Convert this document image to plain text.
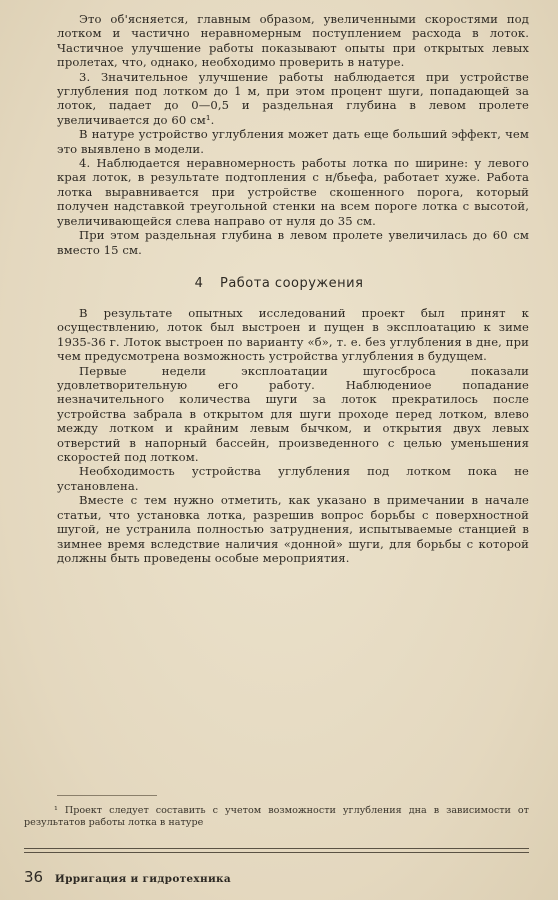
Это об'ясняется, главным образом, увеличенными скоростями под лотком и частично неравномерным поступлением расхода в лоток. Частичное улучшение работы показывают опыты при открытых левых пролетах, что, однако, необходимо проверить в натуре.

3. Значительное улучшение работы наблюдается при устройстве углубления под лотком до 1 м, при этом процент шуги, попадающей за лоток, падает до 0—0,5 и раздельная глубина в левом пролете увеличивается до 60 см¹.

В натуре устройство углубления может дать еще больший эффект, чем это выявлено в модели.

4. Наблюдается неравномерность работы лотка по ширине: у левого края лоток, в результате подтопления с н/бьефа, работает хуже. Работа лотка выравнивается при устройстве скошенного порога, который получен надставкой треугольной стенки на всем пороге лотка с высотой, увеличивающейся слева направо от нуля до 35 см.

При этом раздельная глубина в левом пролете увеличилась до 60 см вместо 15 см.

4 Работа сооружения

В результате опытных исследований проект был принят к осуществлению, лоток был выстроен и пущен в эксплоатацию к зиме 1935-36 г. Лоток выстроен по варианту «б», т. е. без углубления в дне, при чем предусмотрена возможность устройства углубления в будущем.

Первые недели эксплоатации шугосброса показали удовлетворительную его работу. Наблюдениое попадание незначительного количества шуги за лоток прекратилось после устройства забрала в открытом для шуги проходе перед лотком, влево между лотком и крайним левым бычком, и открытия двух левых отверстий в напорный бассейн, произведенного с целью уменьшения скоростей под лотком.

Необходимость устройства углубления под лотком пока не установлена.

Вместе с тем нужно отметить, как указано в примечании в начале статьи, что установка лотка, разрешив вопрос борьбы с поверхностной шугой, не устранила полностью затруднения, испытываемые станцией в зимнее время вследствие наличия «донной» шуги, для борьбы с которой должны быть проведены особые мероприятия.

¹ Проект следует составить с учетом возможности углубления дна в зависимости от результатов работы лотка в натуре

36 Ирригация и гидротехника
